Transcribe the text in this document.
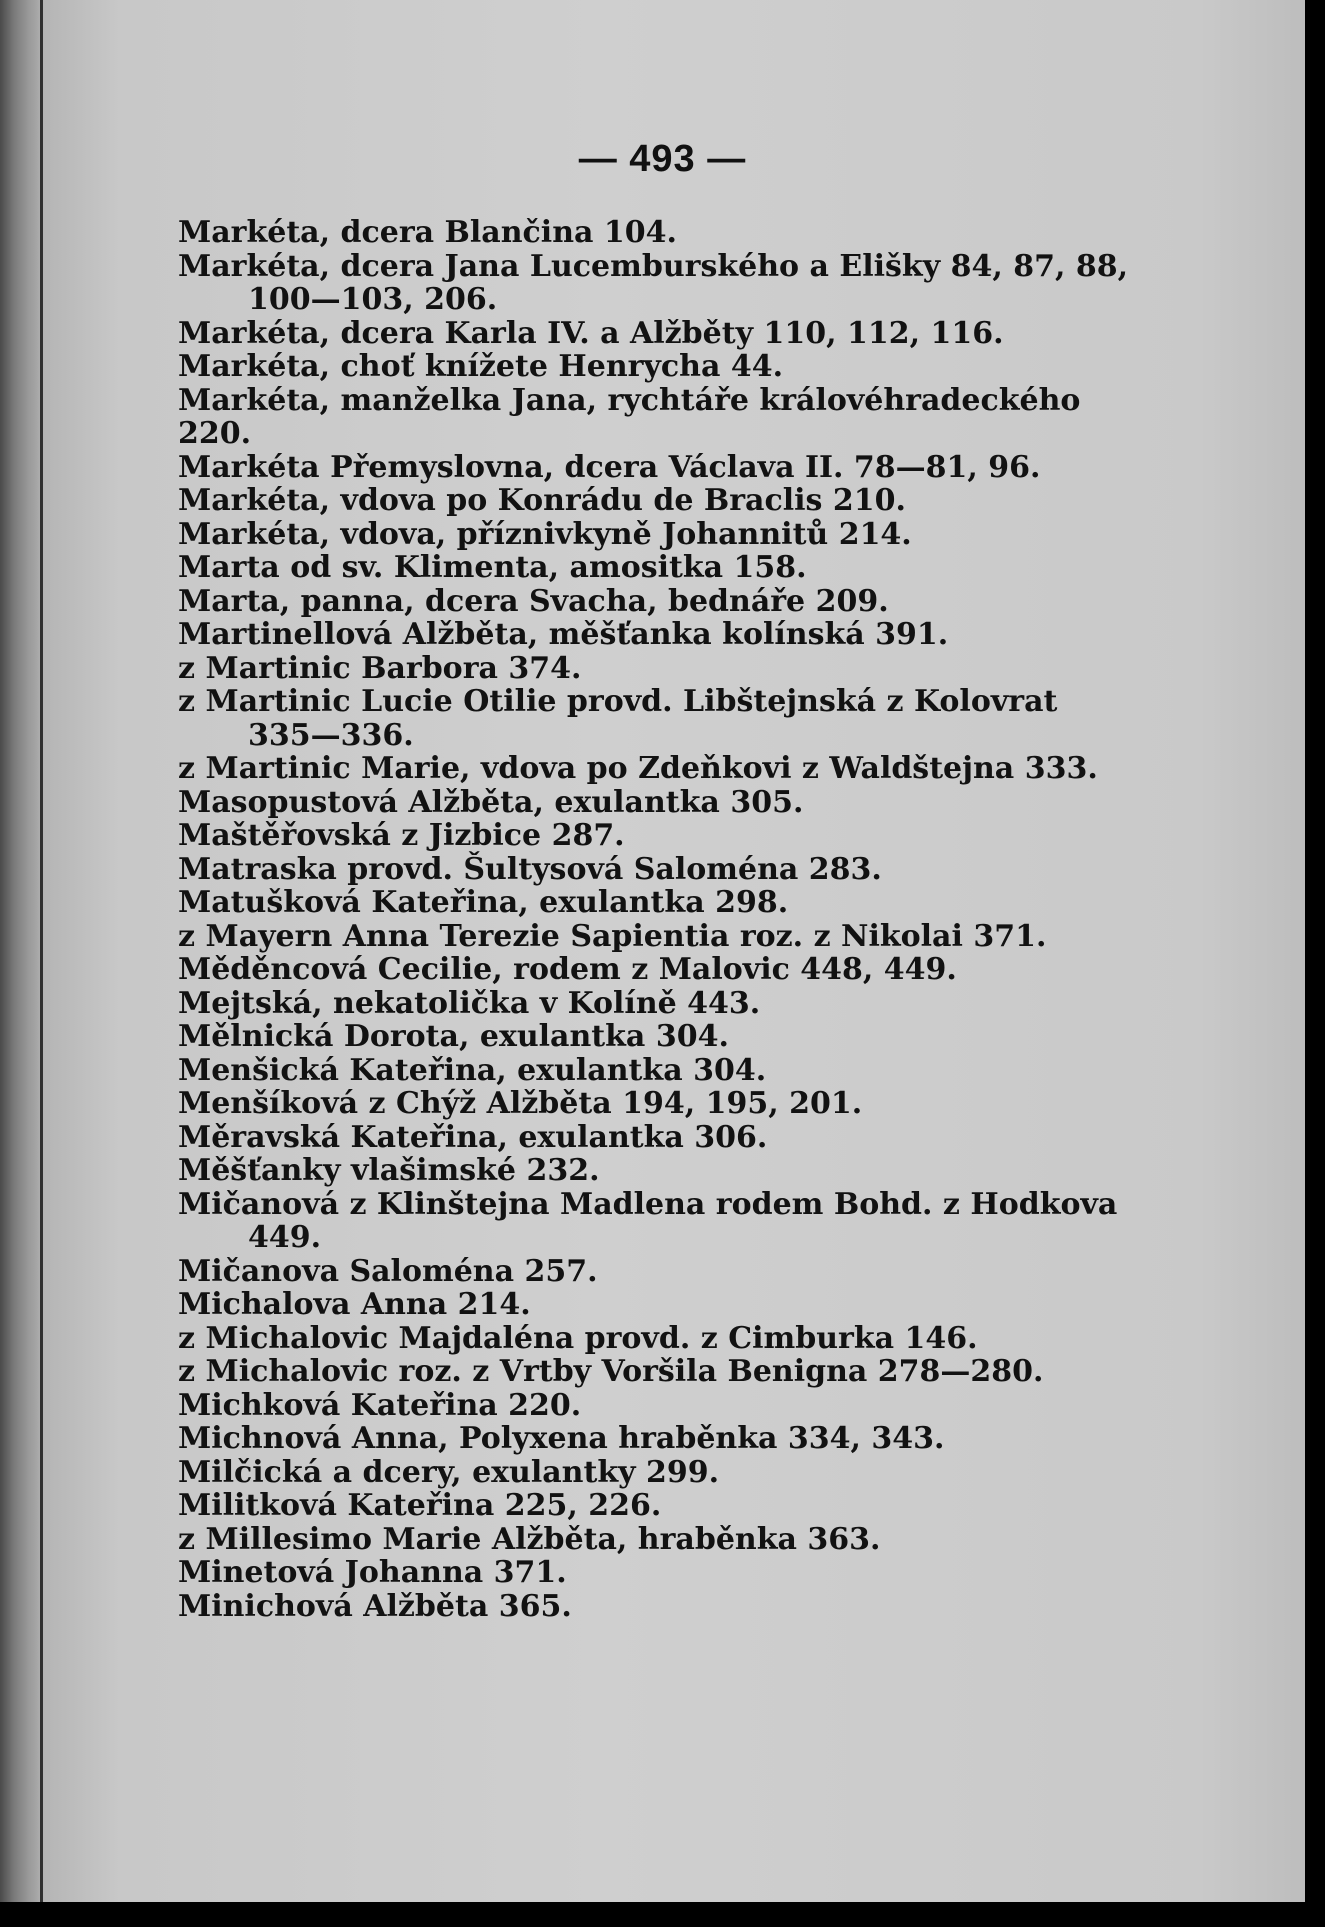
— 493 —
Markéta, dcera Blančina 104.
Markéta, dcera Jana Lucemburského a Elišky 84, 87, 88,
100—103, 206.
Markéta, dcera Karla IV. a Alžběty 110, 112, 116.
Markéta, choť knížete Henrycha 44.
Markéta, manželka Jana, rychtáře královéhradeckého 220.
Markéta Přemyslovna, dcera Václava II. 78—81, 96.
Markéta, vdova po Konrádu de Braclis 210.
Markéta, vdova, příznivkyně Johannitů 214.
Marta od sv. Klimenta, amositka 158.
Marta, panna, dcera Svacha, bednáře 209.
Martinellová Alžběta, měšťanka kolínská 391.
z Martinic Barbora 374.
z Martinic Lucie Otilie provd. Libštejnská z Kolovrat
335—336.
z Martinic Marie, vdova po Zdeňkovi z Waldštejna 333.
Masopustová Alžběta, exulantka 305.
Maštěřovská z Jizbice 287.
Matraska provd. Šultysová Saloména 283.
Matušková Kateřina, exulantka 298.
z Mayern Anna Terezie Sapientia roz. z Nikolai 371.
Měděncová Cecilie, rodem z Malovic 448, 449.
Mejtská, nekatolička v Kolíně 443.
Mělnická Dorota, exulantka 304.
Menšická Kateřina, exulantka 304.
Menšíková z Chýž Alžběta 194, 195, 201.
Měravská Kateřina, exulantka 306.
Měšťanky vlašimské 232.
Mičanová z Klinštejna Madlena rodem Bohd. z Hodkova
449.
Mičanova Saloména 257.
Michalova Anna 214.
z Michalovic Majdaléna provd. z Cimburka 146.
z Michalovic roz. z Vrtby Voršila Benigna 278—280.
Michková Kateřina 220.
Michnová Anna, Polyxena hraběnka 334, 343.
Milčická a dcery, exulantky 299.
Militková Kateřina 225, 226.
z Millesimo Marie Alžběta, hraběnka 363.
Minetová Johanna 371.
Minichová Alžběta 365.
